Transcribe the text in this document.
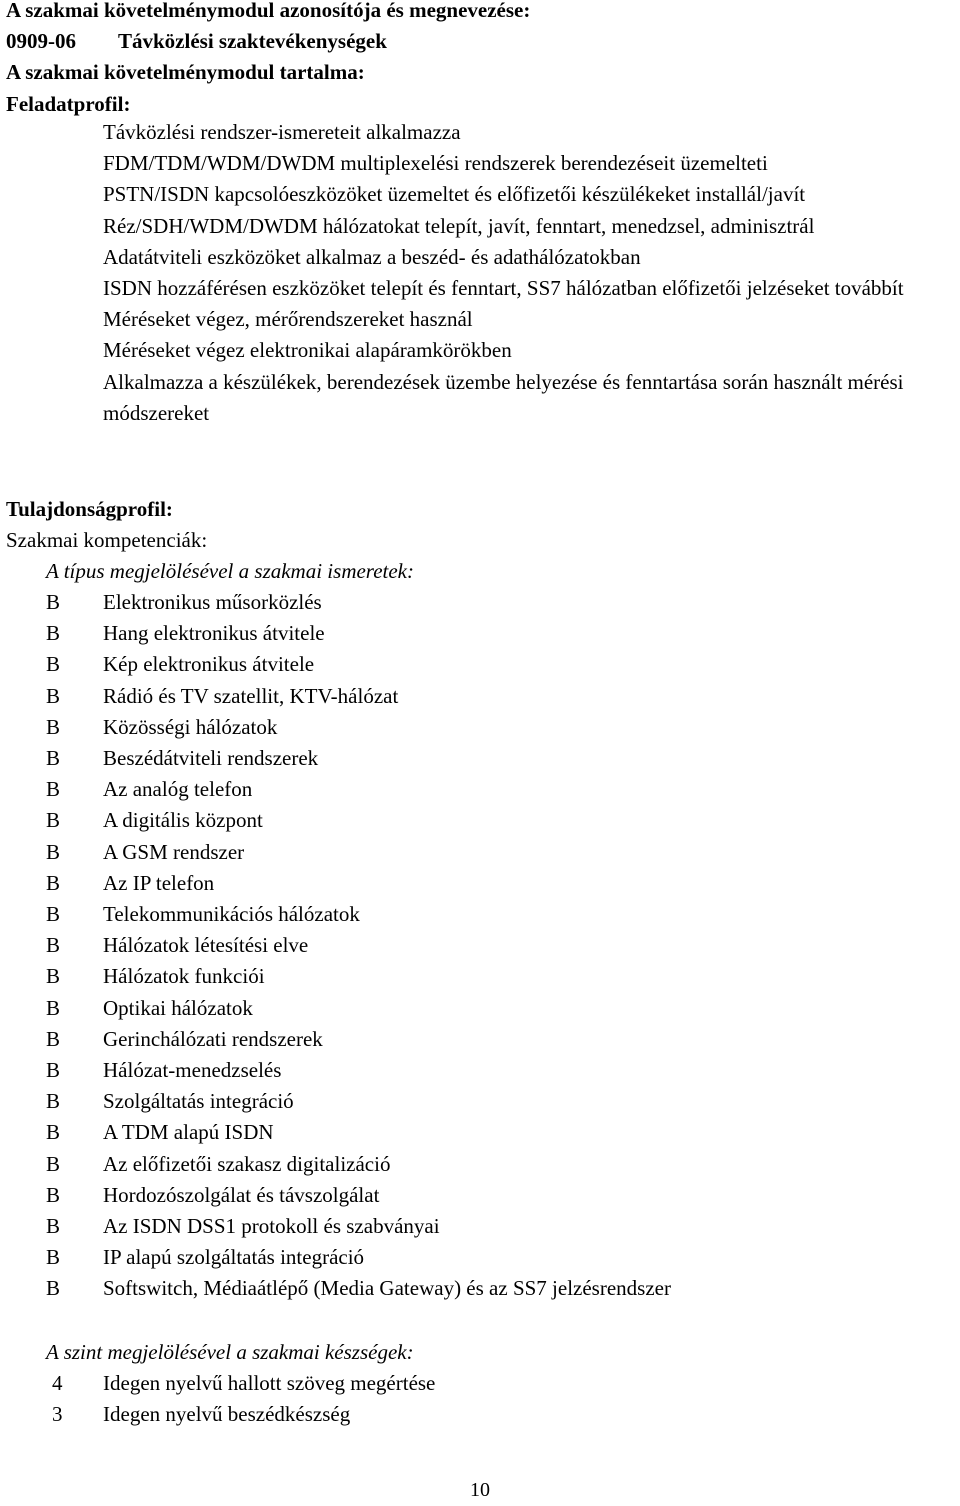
A szakmai követelménymodul azonosítója és megnevezése:
0909-06 Távközlési szaktevékenységek
A szakmai követelménymodul tartalma:
Feladatprofil:
Távközlési rendszer-ismereteit alkalmazza
FDM/TDM/WDM/DWDM multiplexelési rendszerek berendezéseit üzemelteti
PSTN/ISDN kapcsolóeszközöket üzemeltet és előfizetői készülékeket installál/javít
Réz/SDH/WDM/DWDM hálózatokat telepít, javít, fenntart, menedzsel, adminisztrál
Adatátviteli eszközöket alkalmaz a beszéd- és adathálózatokban
ISDN hozzáférésen eszközöket telepít és fenntart, SS7 hálózatban előfizetői jelzéseket továbbít
Méréseket végez, mérőrendszereket használ
Méréseket végez elektronikai alapáramkörökben
Alkalmazza a készülékek, berendezések üzembe helyezése és fenntartása során használt mérési módszereket
Tulajdonságprofil:
Szakmai kompetenciák:
A típus megjelölésével a szakmai ismeretek:
B	Elektronikus műsorközlés
B	Hang elektronikus átvitele
B	Kép elektronikus átvitele
B	Rádió és TV szatellit, KTV-hálózat
B	Közösségi hálózatok
B	Beszédátviteli rendszerek
B	Az analóg telefon
B	A digitális központ
B	A GSM rendszer
B	Az IP telefon
B	Telekommunikációs hálózatok
B	Hálózatok létesítési elve
B	Hálózatok funkciói
B	Optikai hálózatok
B	Gerinchálózati rendszerek
B	Hálózat-menedzselés
B	Szolgáltatás integráció
B	A TDM alapú ISDN
B	Az előfizetői szakasz digitalizáció
B	Hordozószolgálat és távszolgálat
B	Az ISDN DSS1 protokoll és szabványai
B	IP alapú szolgáltatás integráció
B	Softswitch, Médiaátlépő (Media Gateway) és az SS7 jelzésrendszer
A szint megjelölésével a szakmai készségek:
4	Idegen nyelvű hallott szöveg megértése
3	Idegen nyelvű beszédkészség
10
